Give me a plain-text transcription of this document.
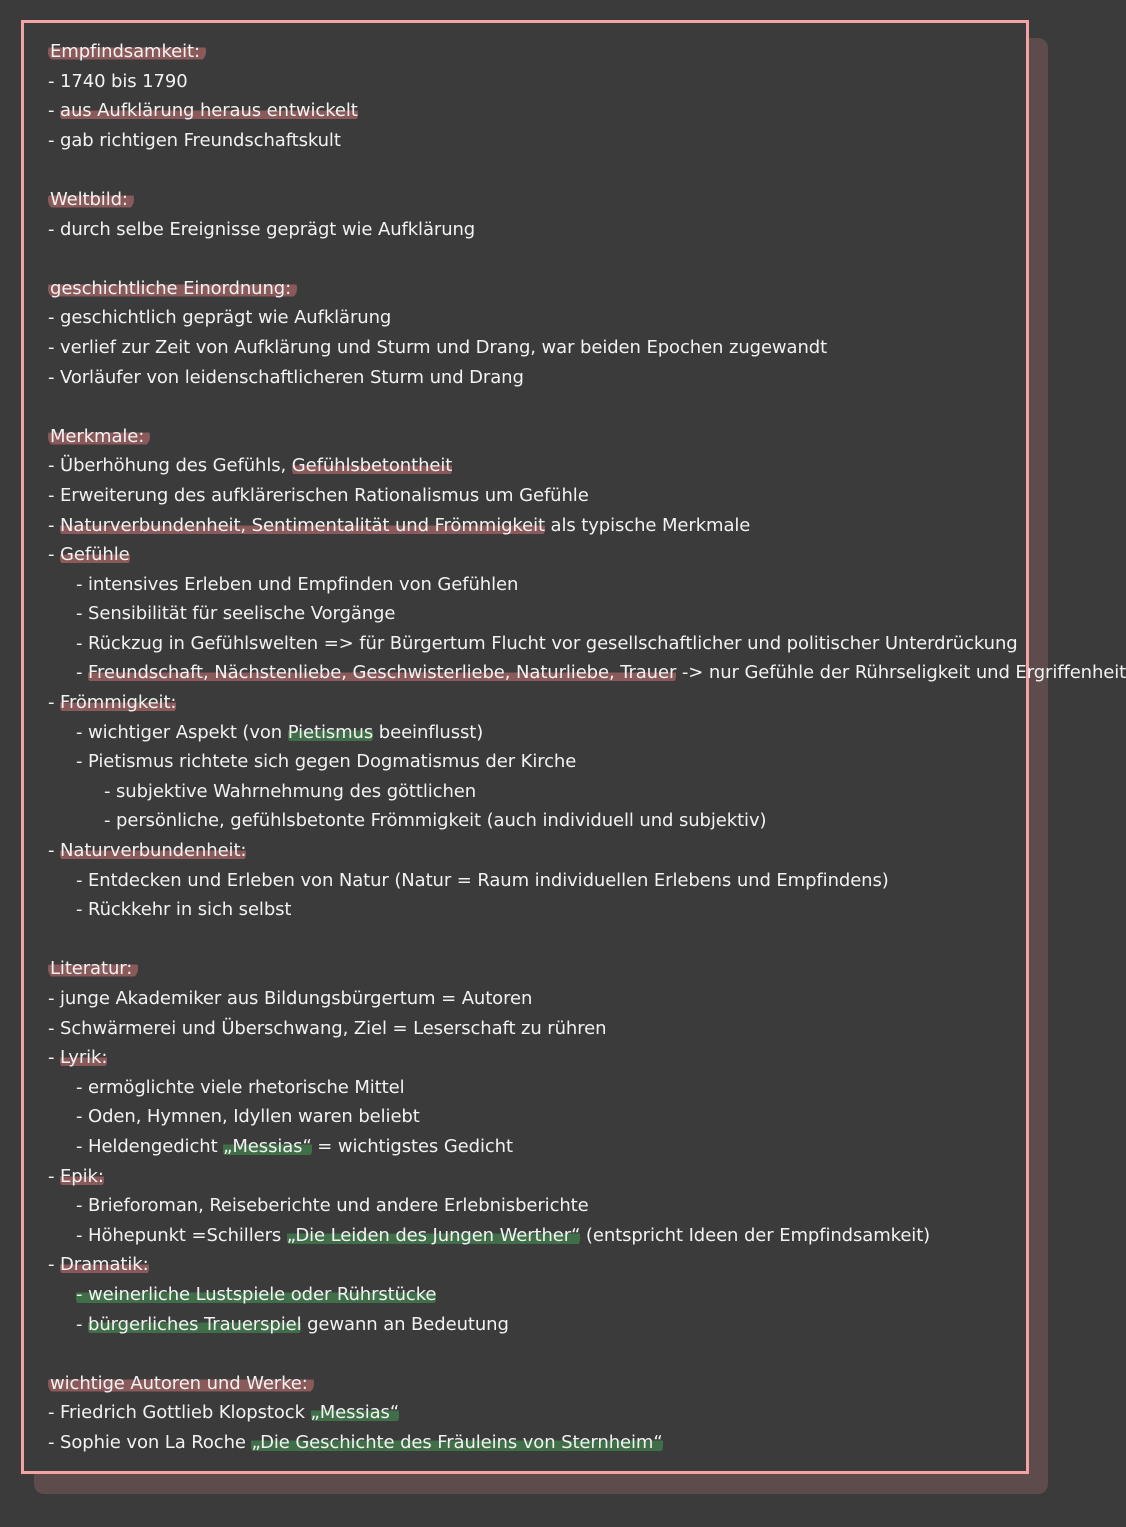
Empfindsamkeit:
- 1740 bis 1790
- aus Aufklärung heraus entwickelt
- gab richtigen Freundschaftskult
Weltbild:
- durch selbe Ereignisse geprägt wie Aufklärung
geschichtliche Einordnung:
- geschichtlich geprägt wie Aufklärung
- verlief zur Zeit von Aufklärung und Sturm und Drang, war beiden Epochen zugewandt
- Vorläufer von leidenschaftlicheren Sturm und Drang
Merkmale:
- Überhöhung des Gefühls, Gefühlsbetontheit
- Erweiterung des aufklärerischen Rationalismus um Gefühle
- Naturverbundenheit, Sentimentalität und Frömmigkeit als typische Merkmale
- Gefühle
- intensives Erleben und Empfinden von Gefühlen
- Sensibilität für seelische Vorgänge
- Rückzug in Gefühlswelten => für Bürgertum Flucht vor gesellschaftlicher und politischer Unterdrückung
- Freundschaft, Nächstenliebe, Geschwisterliebe, Naturliebe, Trauer -> nur Gefühle der Rührseligkeit und Ergriffenheit
- Frömmigkeit:
- wichtiger Aspekt (von Pietismus beeinflusst)
- Pietismus richtete sich gegen Dogmatismus der Kirche
- subjektive Wahrnehmung des göttlichen
- persönliche, gefühlsbetonte Frömmigkeit (auch individuell und subjektiv)
- Naturverbundenheit:
- Entdecken und Erleben von Natur (Natur = Raum individuellen Erlebens und Empfindens)
- Rückkehr in sich selbst
Literatur:
- junge Akademiker aus Bildungsbürgertum = Autoren
- Schwärmerei und Überschwang, Ziel = Leserschaft zu rühren
- Lyrik:
- ermöglichte viele rhetorische Mittel
- Oden, Hymnen, Idyllen waren beliebt
- Heldengedicht „Messias“ = wichtigstes Gedicht
- Epik:
- Brieforoman, Reiseberichte und andere Erlebnisberichte
- Höhepunkt =Schillers „Die Leiden des Jungen Werther“ (entspricht Ideen der Empfindsamkeit)
- Dramatik:
- weinerliche Lustspiele oder Rührstücke
- bürgerliches Trauerspiel gewann an Bedeutung
wichtige Autoren und Werke:
- Friedrich Gottlieb Klopstock „Messias“
- Sophie von La Roche „Die Geschichte des Fräuleins von Sternheim“
